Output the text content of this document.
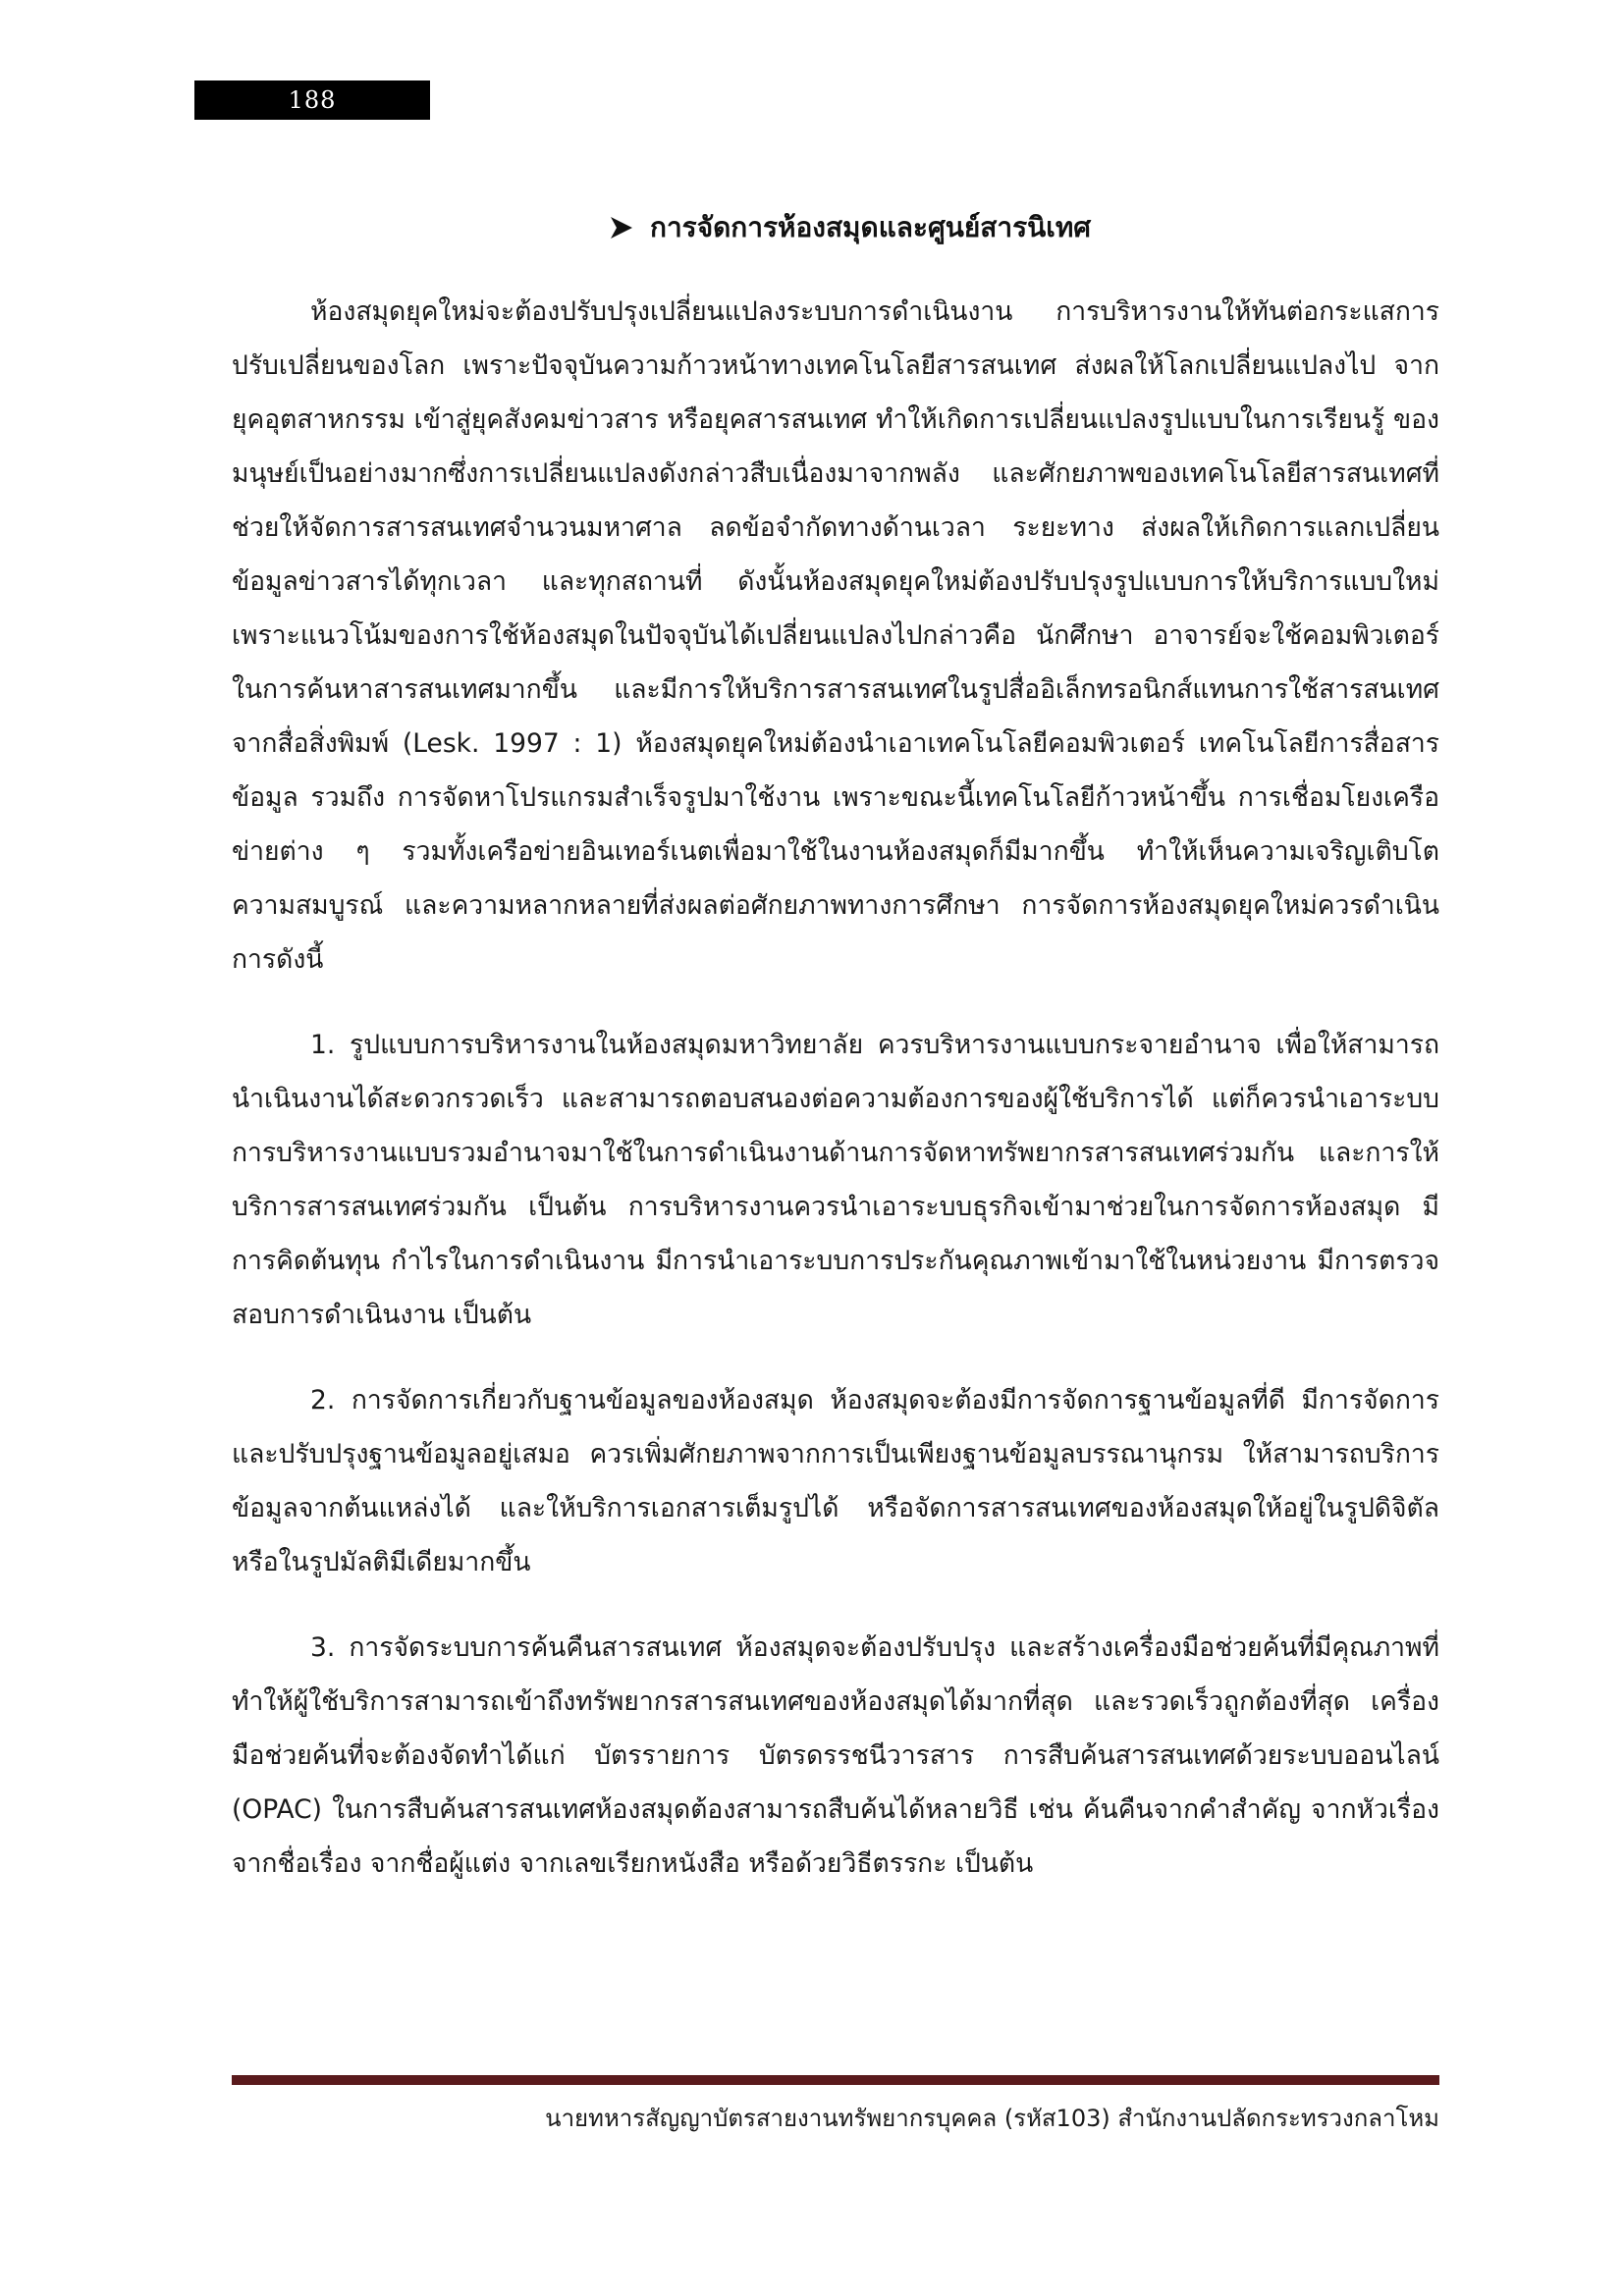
188
การจัดการห้องสมุดและศูนย์สารนิเทศ

ห้องสมุดยุคใหม่จะต้องปรับปรุงเปลี่ยนแปลงระบบการดำเนินงาน การบริหารงานให้ทันต่อกระแสการปรับเปลี่ยนของโลก เพราะปัจจุบันความก้าวหน้าทางเทคโนโลยีสารสนเทศ ส่งผลให้โลกเปลี่ยนแปลงไป จากยุคอุตสาหกรรม เข้าสู่ยุคสังคมข่าวสาร หรือยุคสารสนเทศ ทำให้เกิดการเปลี่ยนแปลงรูปแบบในการเรียนรู้ ของมนุษย์เป็นอย่างมากซึ่งการเปลี่ยนแปลงดังกล่าวสืบเนื่องมาจากพลัง และศักยภาพของเทคโนโลยีสารสนเทศที่ช่วยให้จัดการสารสนเทศจำนวนมหาศาล ลดข้อจำกัดทางด้านเวลา ระยะทาง ส่งผลให้เกิดการแลกเปลี่ยนข้อมูลข่าวสารได้ทุกเวลา และทุกสถานที่ ดังนั้นห้องสมุดยุคใหม่ต้องปรับปรุงรูปแบบการให้บริการแบบใหม่เพราะแนวโน้มของการใช้ห้องสมุดในปัจจุบันได้เปลี่ยนแปลงไปกล่าวคือ นักศึกษา อาจารย์จะใช้คอมพิวเตอร์ในการค้นหาสารสนเทศมากขึ้น และมีการให้บริการสารสนเทศในรูปสื่ออิเล็กทรอนิกส์แทนการใช้สารสนเทศจากสื่อสิ่งพิมพ์ (Lesk. 1997 : 1) ห้องสมุดยุคใหม่ต้องนำเอาเทคโนโลยีคอมพิวเตอร์ เทคโนโลยีการสื่อสารข้อมูล รวมถึง การจัดหาโปรแกรมสำเร็จรูปมาใช้งาน เพราะขณะนี้เทคโนโลยีก้าวหน้าขึ้น การเชื่อมโยงเครือข่ายต่าง ๆ รวมทั้งเครือข่ายอินเทอร์เนตเพื่อมาใช้ในงานห้องสมุดก็มีมากขึ้น ทำให้เห็นความเจริญเติบโต ความสมบูรณ์ และความหลากหลายที่ส่งผลต่อศักยภาพทางการศึกษา การจัดการห้องสมุดยุคใหม่ควรดำเนินการดังนี้

1. รูปแบบการบริหารงานในห้องสมุดมหาวิทยาลัย ควรบริหารงานแบบกระจายอำนาจ เพื่อให้สามารถนำเนินงานได้สะดวกรวดเร็ว และสามารถตอบสนองต่อความต้องการของผู้ใช้บริการได้ แต่ก็ควรนำเอาระบบการบริหารงานแบบรวมอำนาจมาใช้ในการดำเนินงานด้านการจัดหาทรัพยากรสารสนเทศร่วมกัน และการให้บริการสารสนเทศร่วมกัน เป็นต้น การบริหารงานควรนำเอาระบบธุรกิจเข้ามาช่วยในการจัดการห้องสมุด มีการคิดต้นทุน กำไรในการดำเนินงาน มีการนำเอาระบบการประกันคุณภาพเข้ามาใช้ในหน่วยงาน มีการตรวจสอบการดำเนินงาน เป็นต้น

2. การจัดการเกี่ยวกับฐานข้อมูลของห้องสมุด ห้องสมุดจะต้องมีการจัดการฐานข้อมูลที่ดี มีการจัดการ และปรับปรุงฐานข้อมูลอยู่เสมอ ควรเพิ่มศักยภาพจากการเป็นเพียงฐานข้อมูลบรรณานุกรม ให้สามารถบริการข้อมูลจากต้นแหล่งได้ และให้บริการเอกสารเต็มรูปได้ หรือจัดการสารสนเทศของห้องสมุดให้อยู่ในรูปดิจิตัล หรือในรูปมัลติมีเดียมากขึ้น

3. การจัดระบบการค้นคืนสารสนเทศ ห้องสมุดจะต้องปรับปรุง และสร้างเครื่องมือช่วยค้นที่มีคุณภาพที่ทำให้ผู้ใช้บริการสามารถเข้าถึงทรัพยากรสารสนเทศของห้องสมุดได้มากที่สุด และรวดเร็วถูกต้องที่สุด เครื่องมือช่วยค้นที่จะต้องจัดทำได้แก่ บัตรรายการ บัตรดรรชนีวารสาร การสืบค้นสารสนเทศด้วยระบบออนไลน์ (OPAC) ในการสืบค้นสารสนเทศห้องสมุดต้องสามารถสืบค้นได้หลายวิธี เช่น ค้นคืนจากคำสำคัญ จากหัวเรื่อง จากชื่อเรื่อง จากชื่อผู้แต่ง จากเลขเรียกหนังสือ หรือด้วยวิธีตรรกะ เป็นต้น

นายทหารสัญญาบัตรสายงานทรัพยากรบุคคล (รหัส103) สำนักงานปลัดกระทรวงกลาโหม
